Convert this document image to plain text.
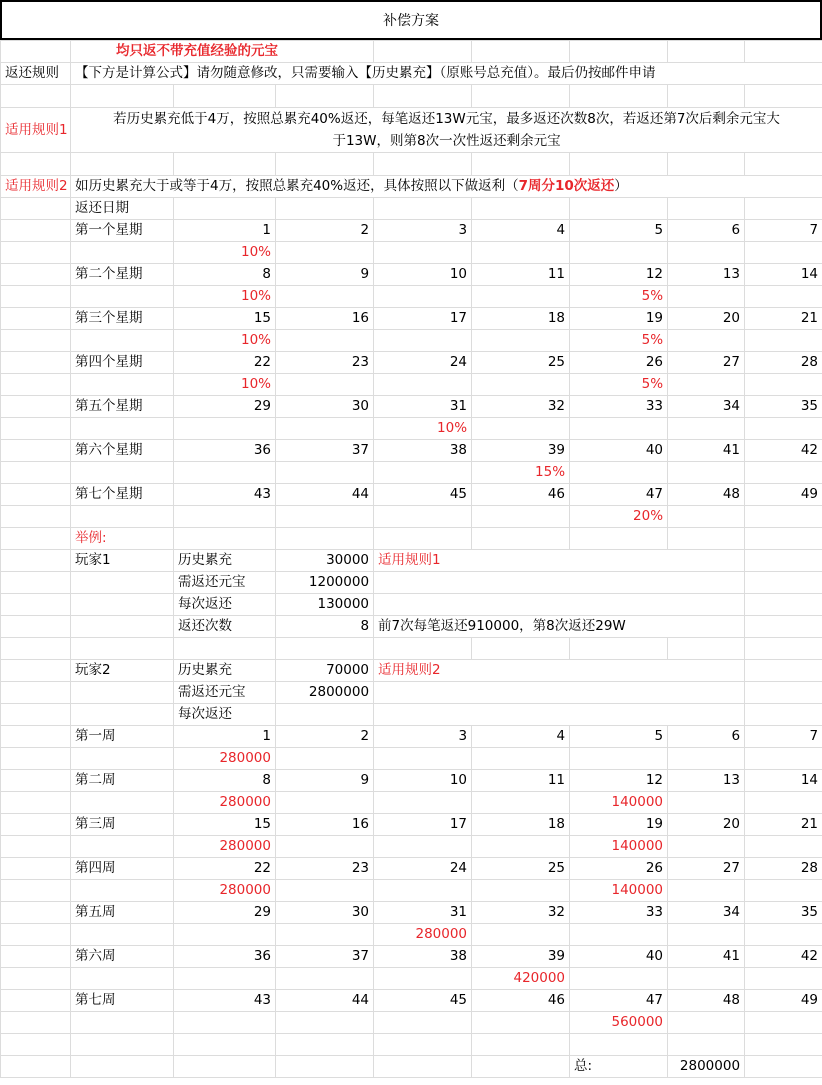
补偿方案
	均只返不带充值经验的元宝							
返还规则	【下方是计算公式】请勿随意修改，只需要输入【历史累充】（原账号总充值）。最后仍按邮件申请							

适用规则1	若历史累充低于4万，按照总累充40%返还，每笔返还13W元宝，最多返还次数8次，若返还第7次后剩余元宝大
于13W，则第8次一次性返还剩余元宝							

适用规则2	如历史累充大于或等于4万，按照总累充40%返还，具体按照以下做返利（7周分10次返还）							
	返还日期							
	第一个星期	1	2	3	4	5	6	7
		10%						
	第二个星期	8	9	10	11	12	13	14
		10%				5%		
	第三个星期	15	16	17	18	19	20	21
		10%				5%		
	第四个星期	22	23	24	25	26	27	28
		10%				5%		
	第五个星期	29	30	31	32	33	34	35
				10%				
	第六个星期	36	37	38	39	40	41	42
					15%			
	第七个星期	43	44	45	46	47	48	49
						20%		
	举例:							
	玩家1	历史累充	30000	适用规则1				
		需返还元宝	1200000					
		每次返还	130000					
		返还次数	8	前7次每笔返还910000，第8次返还29W				

	玩家2	历史累充	70000	适用规则2				
		需返还元宝	2800000					
		每次返还						
	第一周	1	2	3	4	5	6	7
		280000						
	第二周	8	9	10	11	12	13	14
		280000				140000		
	第三周	15	16	17	18	19	20	21
		280000				140000		
	第四周	22	23	24	25	26	27	28
		280000				140000		
	第五周	29	30	31	32	33	34	35
				280000				
	第六周	36	37	38	39	40	41	42
					420000			
	第七周	43	44	45	46	47	48	49
						560000		

						总:	2800000	
